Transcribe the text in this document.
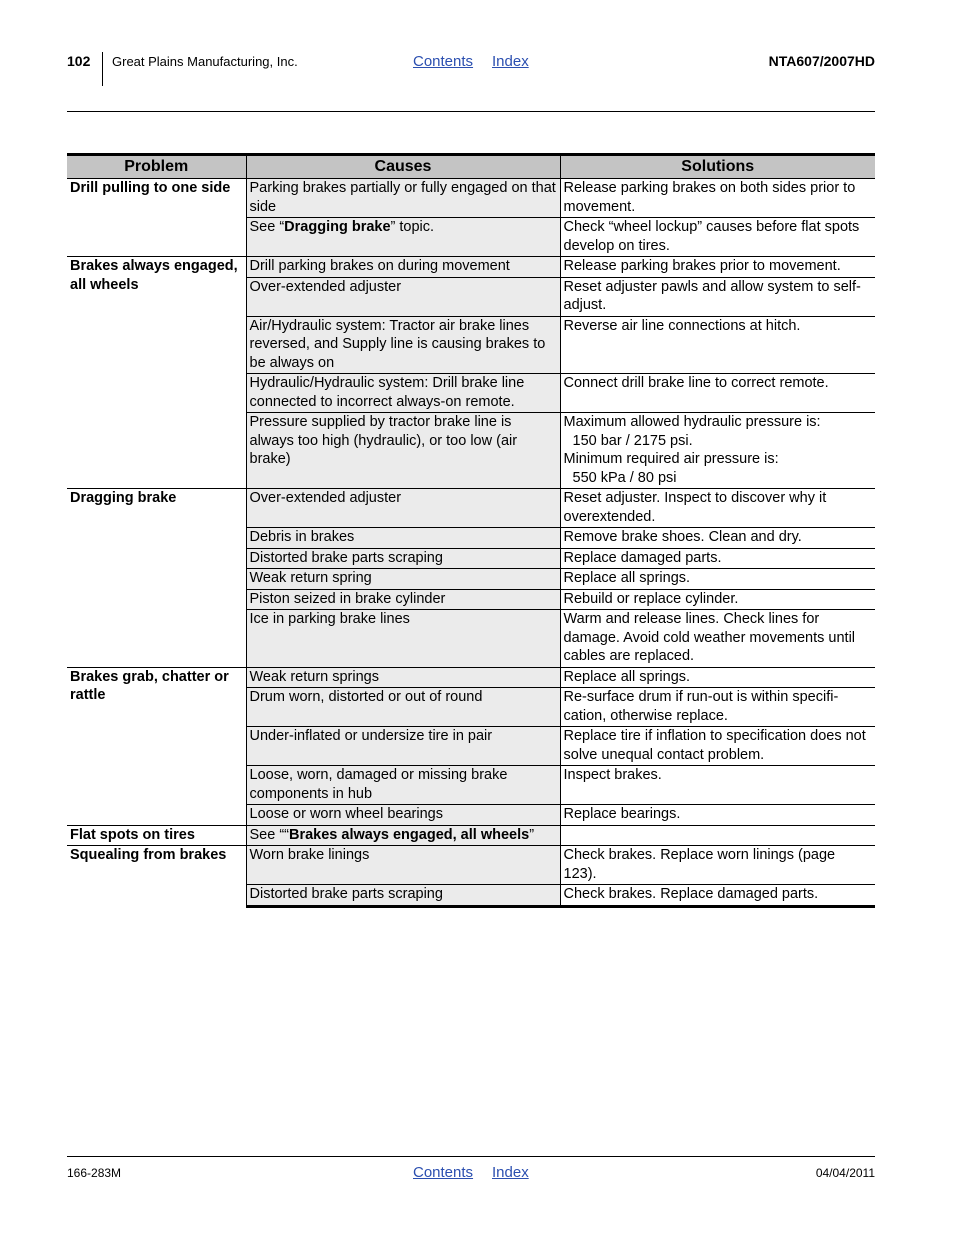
102 Great Plains Manufacturing, Inc.	Contents Index	NTA607/2007HD
Problem	Causes	Solutions
Drill pulling to one side	Parking brakes partially or fully engaged on that side	Release parking brakes on both sides prior to movement.

	See “Dragging brake” topic.	Check “wheel lockup” causes before flat spots develop on tires.

Brakes always engaged, all wheels	Drill parking brakes on during movement	Release parking brakes prior to movement.

	Over-extended adjuster	Reset adjuster pawls and allow system to self-adjust.

	Air/Hydraulic system: Tractor air brake lines reversed, and Supply line is causing brakes to be always on	Reverse air line connections at hitch.

	Hydraulic/Hydraulic system: Drill brake line connected to incorrect always-on remote.	Connect drill brake line to correct remote.

	Pressure supplied by tractor brake line is always too high (hydraulic), or too low (air brake)	Maximum allowed hydraulic pressure is:
150 bar / 2175 psi.
Minimum required air pressure is:
550 kPa / 80 psi

Dragging brake	Over-extended adjuster	Reset adjuster. Inspect to discover why it overextended.

	Debris in brakes	Remove brake shoes. Clean and dry.

	Distorted brake parts scraping	Replace damaged parts.

	Weak return spring	Replace all springs.

	Piston seized in brake cylinder	Rebuild or replace cylinder.

	Ice in parking brake lines	Warm and release lines. Check lines for damage. Avoid cold weather movements until cables are replaced.

Brakes grab, chatter or rattle	Weak return springs	Replace all springs.

	Drum worn, distorted or out of round	Re-surface drum if run-out is within specifi-cation, otherwise replace.

	Under-inflated or undersize tire in pair	Replace tire if inflation to specification does not solve unequal contact problem.

	Loose, worn, damaged or missing brake components in hub	Inspect brakes.

	Loose or worn wheel bearings	Replace bearings.

Flat spots on tires	See ““Brakes always engaged, all wheels”	
Squealing from brakes	Worn brake linings	Check brakes. Replace worn linings (page 123).

	Distorted brake parts scraping	Check brakes. Replace damaged parts.
166-283M	Contents Index	04/04/2011
